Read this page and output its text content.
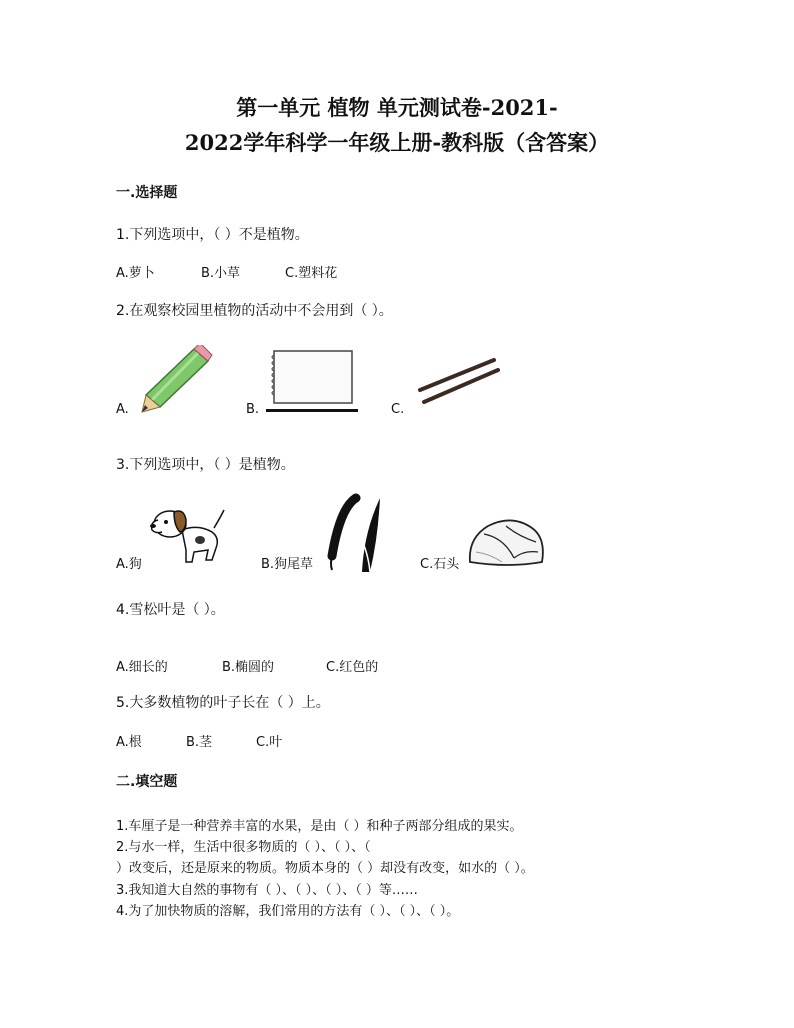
第一单元 植物 单元测试卷-2021-
2022学年科学一年级上册-教科版（含答案）
一.选择题
1.下列选项中，（ ）不是植物。
A.萝卜	B.小草	C.塑料花
2.在观察校园里植物的活动中不会用到（ ）。
A.	B.	C.
3.下列选项中，（ ）是植物。
A.狗	B.狗尾草	C.石头
4.雪松叶是（ ）。
A.细长的	B.椭圆的	C.红色的
5.大多数植物的叶子长在（ ）上。
A.根	B.茎	C.叶
二.填空题
1.车厘子是一种营养丰富的水果，是由（ ）和种子两部分组成的果实。
2.与水一样，生活中很多物质的（ ）、（ ）、（
）改变后，还是原来的物质。物质本身的（ ）却没有改变，如水的（ ）。
3.我知道大自然的事物有（ ）、（ ）、（ ）、（ ）等……
4.为了加快物质的溶解，我们常用的方法有（ ）、（ ）、（ ）。
